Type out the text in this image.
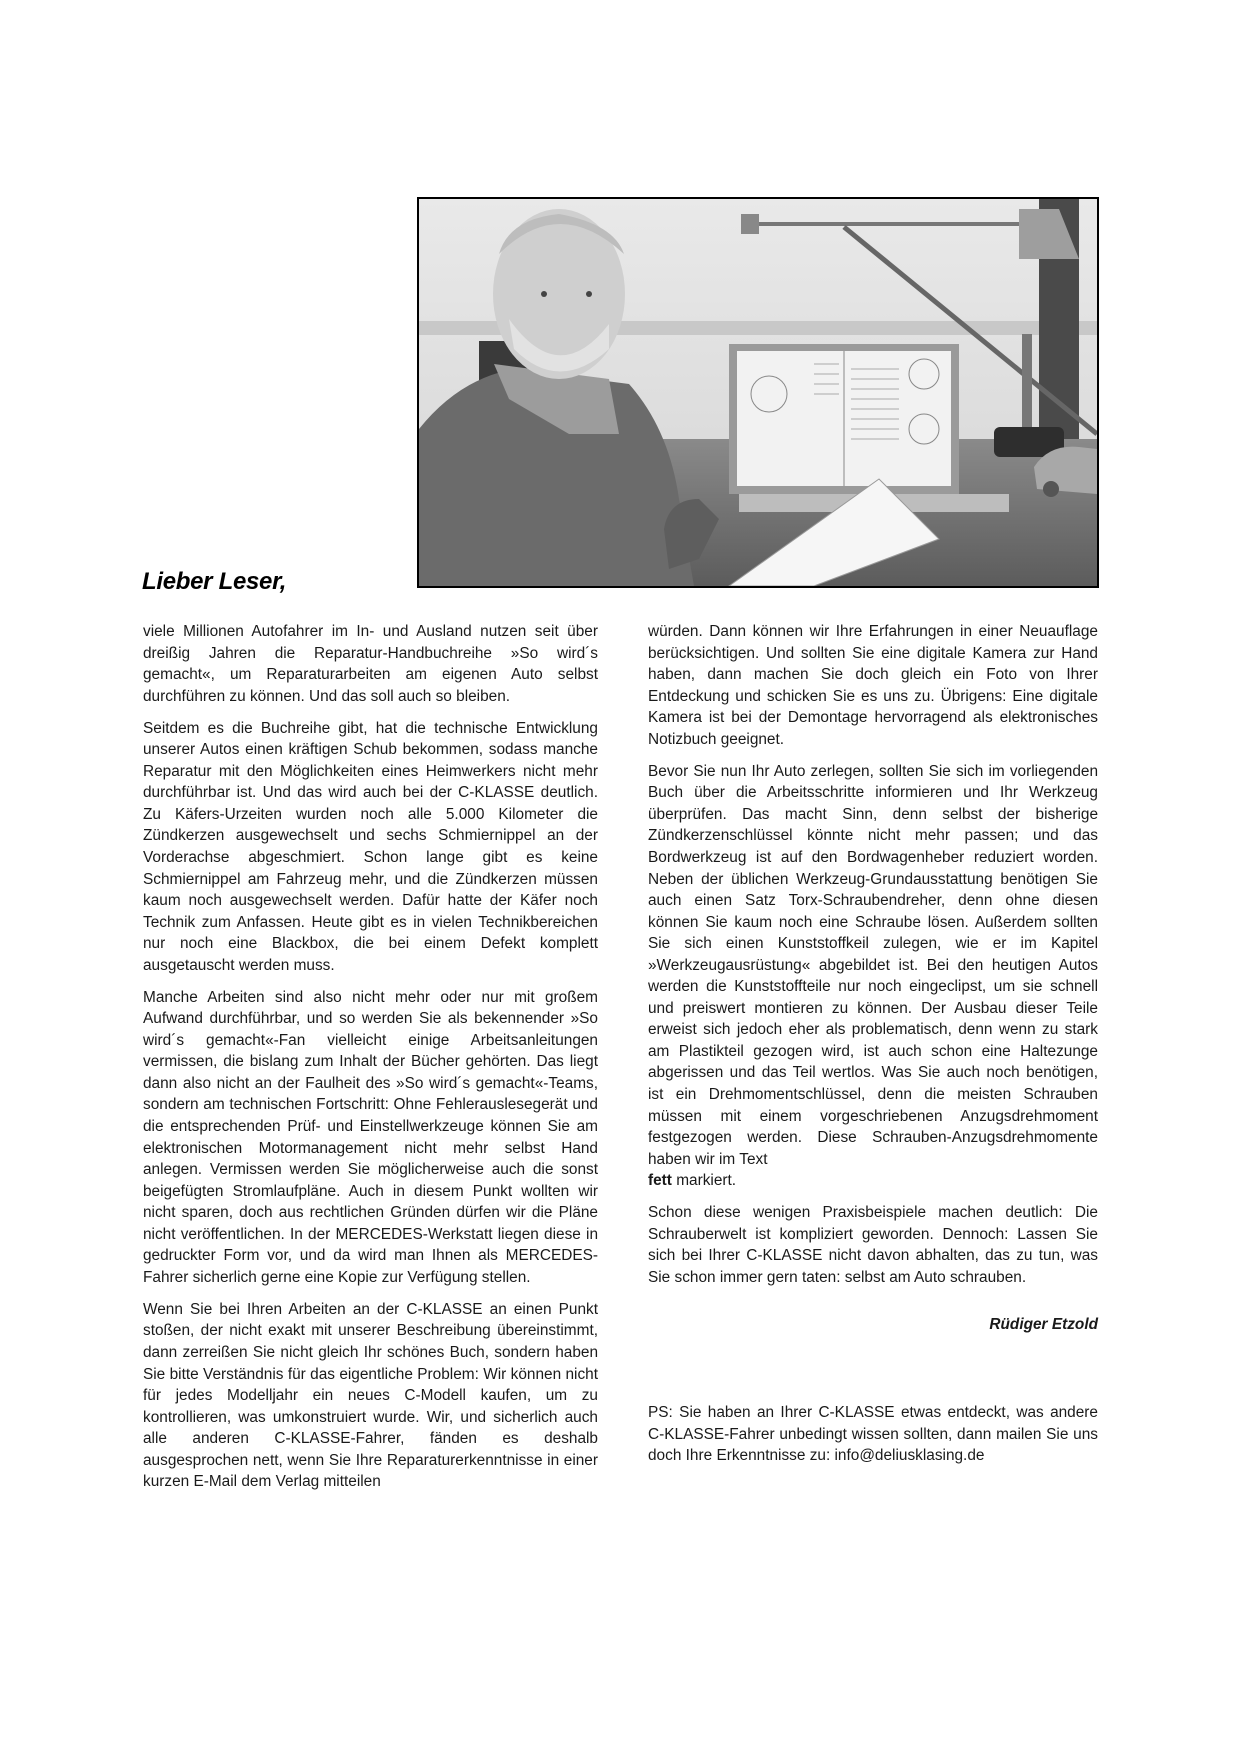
Lieber Leser,

viele Millionen Autofahrer im In- und Ausland nutzen seit über dreißig Jahren die Reparatur-Handbuchreihe »So wird´s gemacht«, um Reparaturarbeiten am eigenen Auto selbst durchführen zu können. Und das soll auch so bleiben.

Seitdem es die Buchreihe gibt, hat die technische Entwicklung unserer Autos einen kräftigen Schub bekommen, sodass manche Reparatur mit den Möglichkeiten eines Heimwerkers nicht mehr durchführbar ist. Und das wird auch bei der C-KLASSE deutlich. Zu Käfers-Urzeiten wurden noch alle 5.000 Kilometer die Zündkerzen ausgewechselt und sechs Schmiernippel an der Vorderachse abgeschmiert. Schon lange gibt es keine Schmiernippel am Fahrzeug mehr, und die Zündkerzen müssen kaum noch ausgewechselt werden. Dafür hatte der Käfer noch Technik zum Anfassen. Heute gibt es in vielen Technikbereichen nur noch eine Blackbox, die bei einem Defekt komplett ausgetauscht werden muss.

Manche Arbeiten sind also nicht mehr oder nur mit großem Aufwand durchführbar, und so werden Sie als bekennender »So wird´s gemacht«-Fan vielleicht einige Arbeitsanleitungen vermissen, die bislang zum Inhalt der Bücher gehörten. Das liegt dann also nicht an der Faulheit des »So wird´s gemacht«-Teams, sondern am technischen Fortschritt: Ohne Fehlerauslesegerät und die entsprechenden Prüf- und Einstellwerkzeuge können Sie am elektronischen Motormanagement nicht mehr selbst Hand anlegen. Vermissen werden Sie möglicherweise auch die sonst beigefügten Stromlaufpläne. Auch in diesem Punkt wollten wir nicht sparen, doch aus rechtlichen Gründen dürfen wir die Pläne nicht veröffentlichen. In der MERCEDES-Werkstatt liegen diese in gedruckter Form vor, und da wird man Ihnen als MERCEDES-Fahrer sicherlich gerne eine Kopie zur Verfügung stellen.

Wenn Sie bei Ihren Arbeiten an der C-KLASSE an einen Punkt stoßen, der nicht exakt mit unserer Beschreibung übereinstimmt, dann zerreißen Sie nicht gleich Ihr schönes Buch, sondern haben Sie bitte Verständnis für das eigentliche Problem: Wir können nicht für jedes Modelljahr ein neues C-Modell kaufen, um zu kontrollieren, was umkonstruiert wurde. Wir, und sicherlich auch alle anderen C-KLASSE-Fahrer, fänden es deshalb ausgesprochen nett, wenn Sie Ihre Reparaturerkenntnisse in einer kurzen E-Mail dem Verlag mitteilen

würden. Dann können wir Ihre Erfahrungen in einer Neuauflage berücksichtigen. Und sollten Sie eine digitale Kamera zur Hand haben, dann machen Sie doch gleich ein Foto von Ihrer Entdeckung und schicken Sie es uns zu. Übrigens: Eine digitale Kamera ist bei der Demontage hervorragend als elektronisches Notizbuch geeignet.

Bevor Sie nun Ihr Auto zerlegen, sollten Sie sich im vorliegenden Buch über die Arbeitsschritte informieren und Ihr Werkzeug überprüfen. Das macht Sinn, denn selbst der bisherige Zündkerzenschlüssel könnte nicht mehr passen; und das Bordwerkzeug ist auf den Bordwagenheber reduziert worden. Neben der üblichen Werkzeug-Grundausstattung benötigen Sie auch einen Satz Torx-Schraubendreher, denn ohne diesen können Sie kaum noch eine Schraube lösen. Außerdem sollten Sie sich einen Kunststoffkeil zulegen, wie er im Kapitel »Werkzeugausrüstung« abgebildet ist. Bei den heutigen Autos werden die Kunststoffteile nur noch eingeclipst, um sie schnell und preiswert montieren zu können. Der Ausbau dieser Teile erweist sich jedoch eher als problematisch, denn wenn zu stark am Plastikteil gezogen wird, ist auch schon eine Haltezunge abgerissen und das Teil wertlos. Was Sie auch noch benötigen, ist ein Drehmomentschlüssel, denn die meisten Schrauben müssen mit einem vorgeschriebenen Anzugsdrehmoment festgezogen werden. Diese Schrauben-Anzugsdrehmomente haben wir im Text

fett markiert.

Schon diese wenigen Praxisbeispiele machen deutlich: Die Schrauberwelt ist kompliziert geworden. Dennoch: Lassen Sie sich bei Ihrer C-KLASSE nicht davon abhalten, das zu tun, was Sie schon immer gern taten: selbst am Auto schrauben.

Rüdiger Etzold

PS: Sie haben an Ihrer C-KLASSE etwas entdeckt, was andere C-KLASSE-Fahrer unbedingt wissen sollten, dann mailen Sie uns doch Ihre Erkenntnisse zu: info@deliusklasing.de
